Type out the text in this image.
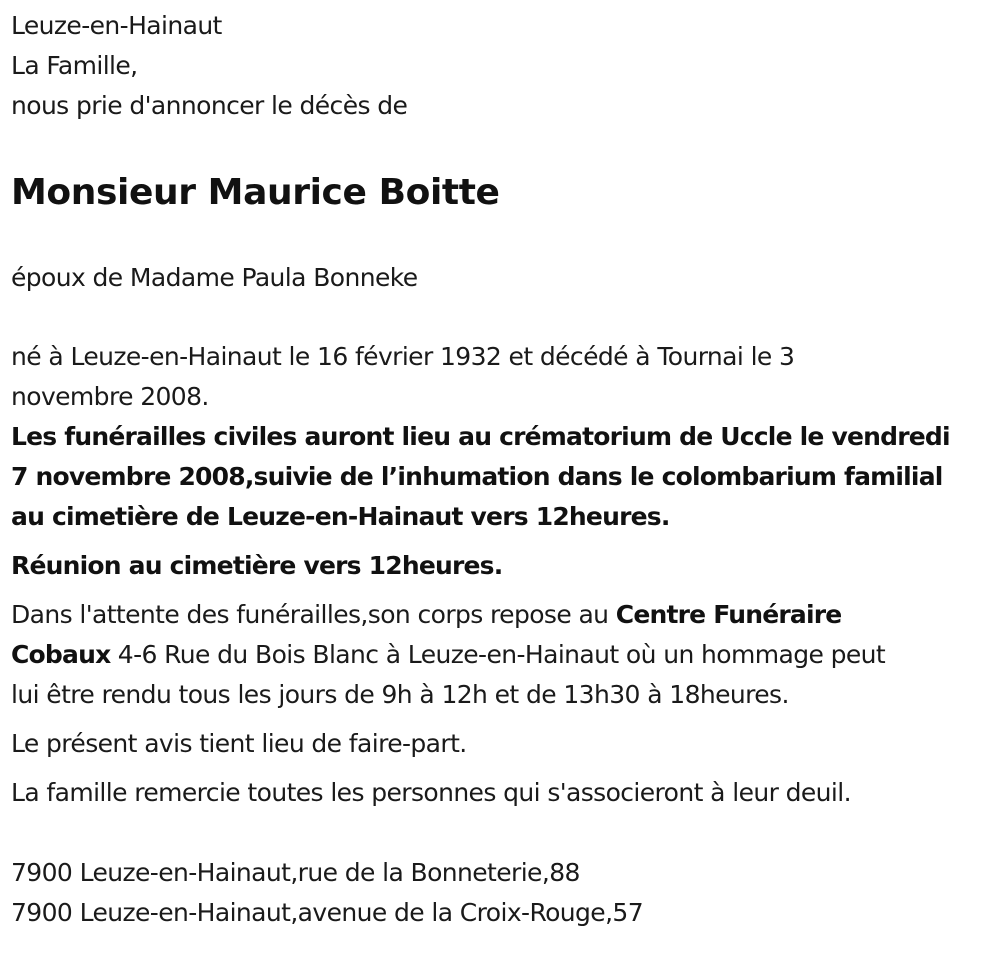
Leuze-en-Hainaut
La Famille,
nous prie d'annoncer le décès de
Monsieur Maurice Boitte
époux de Madame Paula Bonneke
né à Leuze-en-Hainaut le 16 février 1932 et décédé à Tournai le 3
novembre 2008.
Les funérailles civiles auront lieu au crématorium de Uccle le vendredi
7 novembre 2008,suivie de l’inhumation dans le colombarium familial
au cimetière de Leuze-en-Hainaut vers 12heures.
Réunion au cimetière vers 12heures.
Dans l'attente des funérailles,son corps repose au Centre Funéraire
Cobaux 4-6 Rue du Bois Blanc à Leuze-en-Hainaut où un hommage peut
lui être rendu tous les jours de 9h à 12h et de 13h30 à 18heures.
Le présent avis tient lieu de faire-part.
La famille remercie toutes les personnes qui s'associeront à leur deuil.
7900 Leuze-en-Hainaut,rue de la Bonneterie,88
7900 Leuze-en-Hainaut,avenue de la Croix-Rouge,57
